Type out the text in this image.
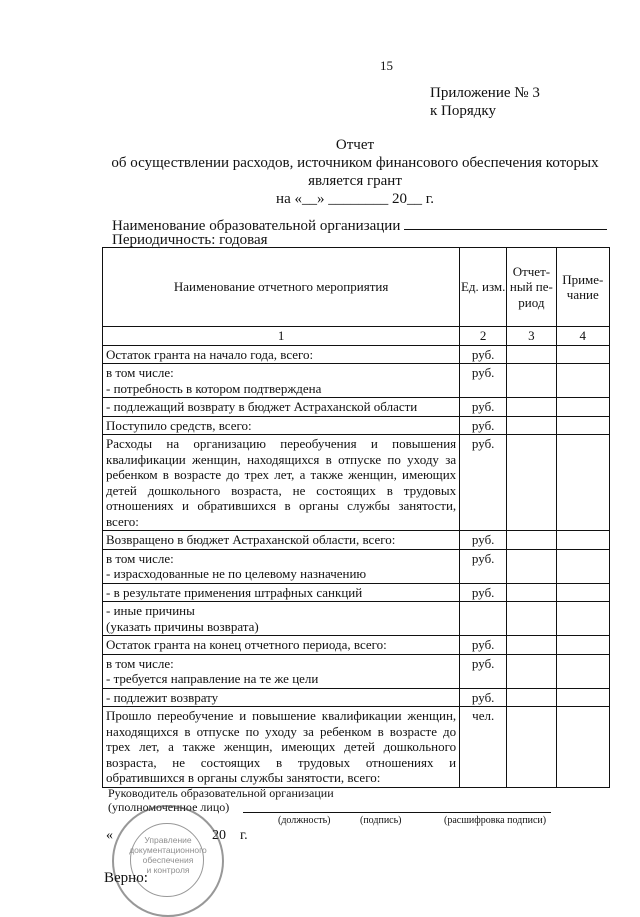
15
Приложение № 3
к Порядку
Отчет
об осуществлении расходов, источником финансового обеспечения которых
является грант
на «__» ________ 20__ г.
Наименование образовательной организации
Периодичность: годовая
Наименование отчетного мероприятия	Ед. изм.	Отчет-ный пе-риод	Приме-чание
1	2	3	4
Остаток гранта на начало года, всего:	руб.		
в том числе:
- потребность в котором подтверждена	руб.		
- подлежащий возврату в бюджет Астраханской области	руб.		
Поступило средств, всего:	руб.		
Расходы на организацию переобучения и повышения квалификации женщин, находящихся в отпуске по уходу за ребенком в возрасте до трех лет, а также женщин, имеющих детей дошкольного возраста, не состоящих в трудовых отношениях и обратившихся в органы службы занятости, всего:	руб.		
Возвращено в бюджет Астраханской области, всего:	руб.		
в том числе:
- израсходованные не по целевому назначению	руб.		
- в результате применения штрафных санкций	руб.		
- иные причины
(указать причины возврата)			
Остаток гранта на конец отчетного периода, всего:	руб.		
в том числе:
- требуется направление на те же цели	руб.		
- подлежит возврату	руб.		
Прошло переобучение и повышение квалификации женщин, находящихся в отпуске по уходу за ребенком в возрасте до трех лет, а также женщин, имеющих детей дошкольного возраста, не состоящих в трудовых отношениях и обратившихся в органы службы занятости, всего:	чел.		
Руководитель образовательной организации
(уполномоченное лицо)
(должность)	(подпись)	(расшифровка подписи)
«	20 г.
Управление
документационного
обеспечения
и контроля
Верно:
